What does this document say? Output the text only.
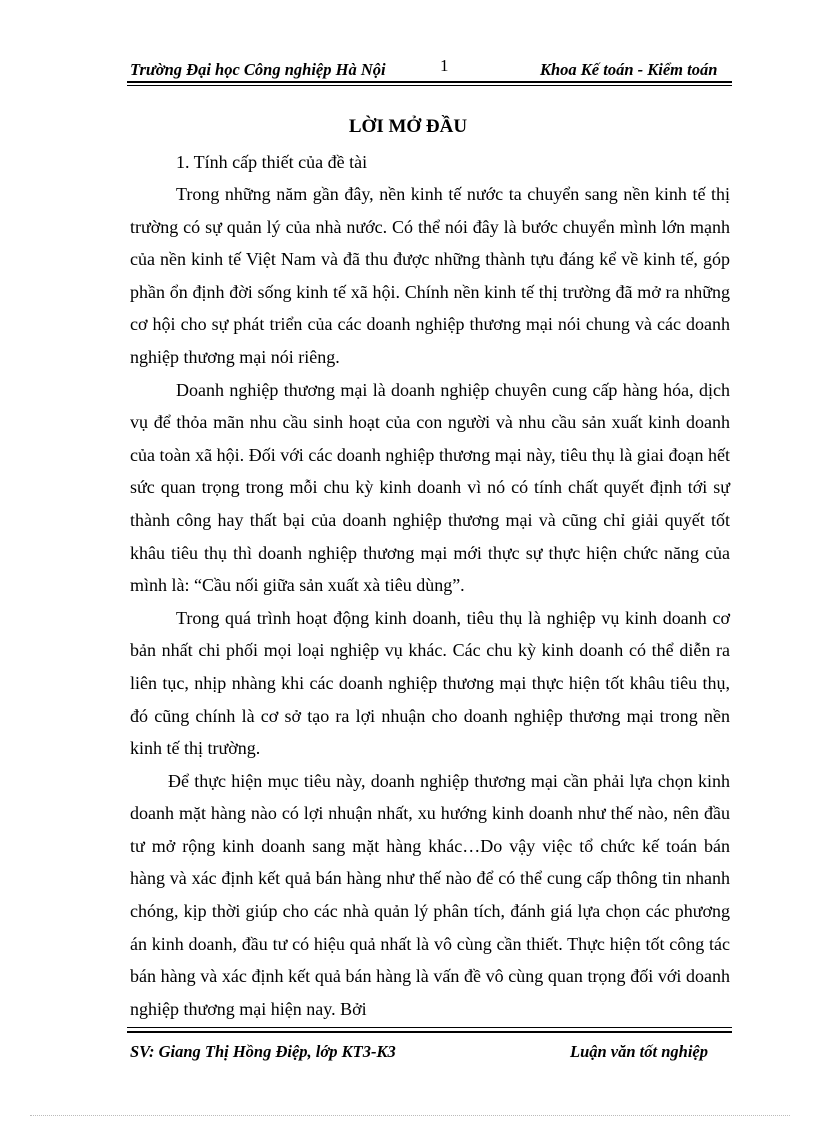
Trường Đại học Công nghiệp Hà Nội	1	Khoa Kế toán - Kiểm toán
LỜI MỞ ĐẦU
1. Tính cấp thiết của đề tài

Trong những năm gần đây, nền kinh tế nước ta chuyển sang nền kinh tế thị trường có sự quản lý của nhà nước. Có thể nói đây là bước chuyển mình lớn mạnh của nền kinh tế Việt Nam và đã thu được những thành tựu đáng kể về kinh tế, góp phần ổn định đời sống kinh tế xã hội. Chính nền kinh tế thị trường đã mở ra những cơ hội cho sự phát triển của các doanh nghiệp thương mại nói chung và các doanh nghiệp thương mại nói riêng.

Doanh nghiệp thương mại là doanh nghiệp chuyên cung cấp hàng hóa, dịch vụ để thỏa mãn nhu cầu sinh hoạt của con người và nhu cầu sản xuất kinh doanh của toàn xã hội. Đối với các doanh nghiệp thương mại này, tiêu thụ là giai đoạn hết sức quan trọng trong mỗi chu kỳ kinh doanh vì nó có tính chất quyết định tới sự thành công hay thất bại của doanh nghiệp thương mại và cũng chỉ giải quyết tốt khâu tiêu thụ thì doanh nghiệp thương mại mới thực sự thực hiện chức năng của mình là: “Cầu nối giữa sản xuất xà tiêu dùng”.

Trong quá trình hoạt động kinh doanh, tiêu thụ là nghiệp vụ kinh doanh cơ bản nhất chi phối mọi loại nghiệp vụ khác. Các chu kỳ kinh doanh có thể diễn ra liên tục, nhịp nhàng khi các doanh nghiệp thương mại thực hiện tốt khâu tiêu thụ, đó cũng chính là cơ sở tạo ra lợi nhuận cho doanh nghiệp thương mại trong nền kinh tế thị trường.

Để thực hiện mục tiêu này, doanh nghiệp thương mại cần phải lựa chọn kinh doanh mặt hàng nào có lợi nhuận nhất, xu hướng kinh doanh như thế nào, nên đầu tư mở rộng kinh doanh sang mặt hàng khác…Do vậy việc tổ chức kế toán bán hàng và xác định kết quả bán hàng như thế nào để có thể cung cấp thông tin nhanh chóng, kịp thời giúp cho các nhà quản lý phân tích, đánh giá lựa chọn các phương án kinh doanh, đầu tư có hiệu quả nhất là vô cùng cần thiết. Thực hiện tốt công tác bán hàng và xác định kết quả bán hàng là vấn đề vô cùng quan trọng đối với doanh nghiệp thương mại hiện nay. Bởi

SV: Giang Thị Hồng Điệp, lớp KT3-K3	Luận văn tốt nghiệp
